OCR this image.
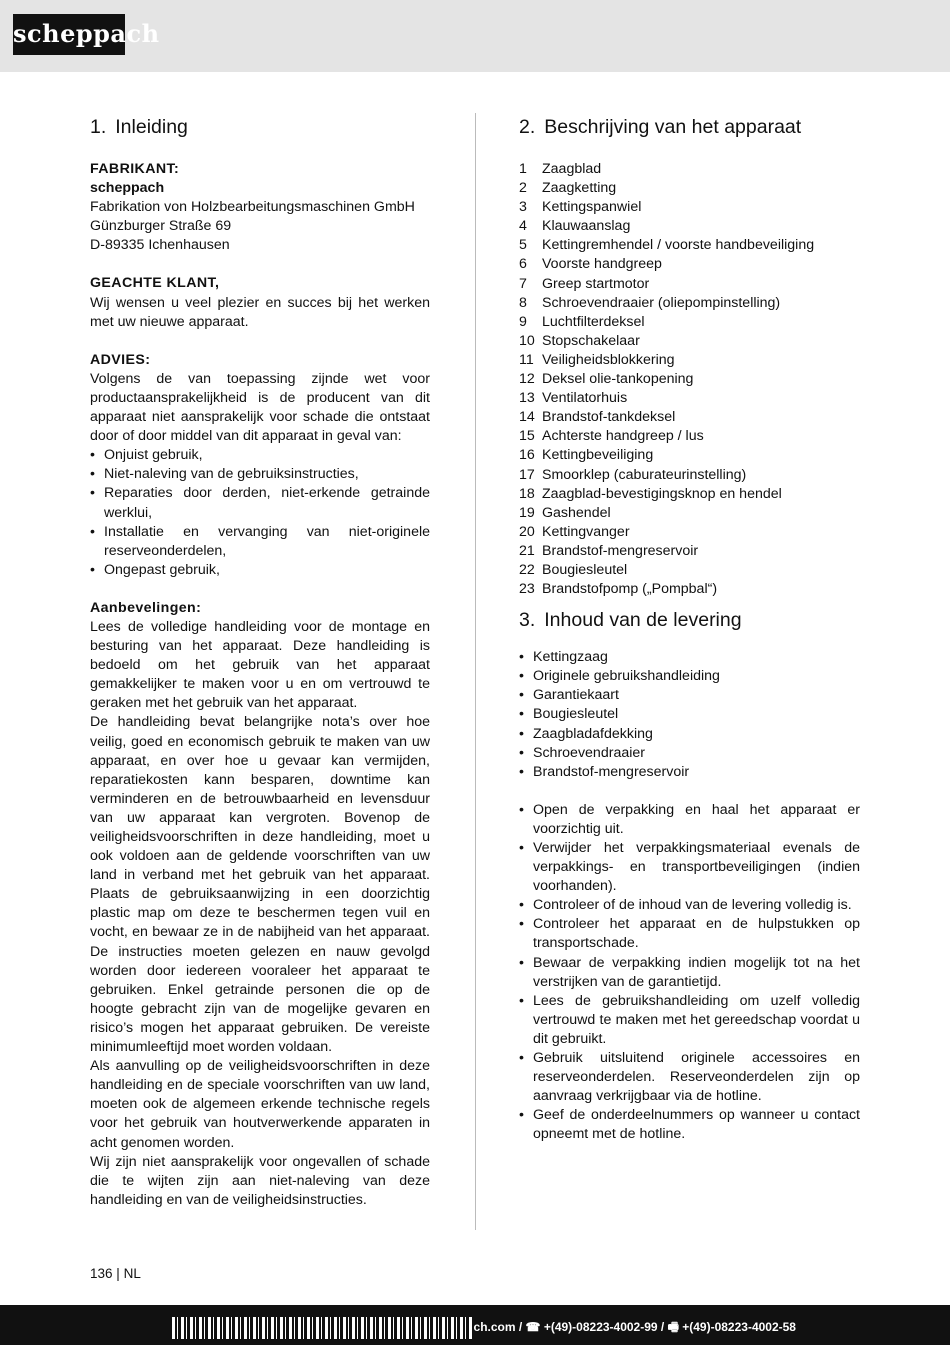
scheppach
1. Inleiding
FABRIKANT:
scheppach
Fabrikation von Holzbearbeitungsmaschinen GmbH
Günzburger Straße 69
D-89335 Ichenhausen
GEACHTE KLANT,

Wij wensen u veel plezier en succes bij het werken met uw nieuwe apparaat.

ADVIES:

Volgens de van toepassing zijnde wet voor productaansprakelijkheid is de producent van dit apparaat niet aansprakelijk voor schade die ontstaat door of door middel van dit apparaat in geval van:

• Onjuist gebruik,
• Niet-naleving van de gebruiksinstructies,
• Reparaties door derden, niet-erkende getrainde werklui,
• Installatie en vervanging van niet-originele reserveonderdelen,
• Ongepast gebruik,
Aanbevelingen:

Lees de volledige handleiding voor de montage en besturing van het apparaat. Deze handleiding is bedoeld om het gebruik van het apparaat gemakkelijker te maken voor u en om vertrouwd te geraken met het gebruik van het apparaat.

De handleiding bevat belangrijke nota’s over hoe veilig, goed en economisch gebruik te maken van uw apparaat, en over hoe u gevaar kan vermijden, reparatiekosten kann besparen, downtime kan verminderen en de betrouwbaarheid en levensduur van uw apparaat kan vergroten. Bovenop de veiligheidsvoorschriften in deze handleiding, moet u ook voldoen aan de geldende voorschriften van uw land in verband met het gebruik van het apparaat. Plaats de gebruiksaanwijzing in een doorzichtig plastic map om deze te beschermen tegen vuil en vocht, en bewaar ze in de nabijheid van het apparaat. De instructies moeten gelezen en nauw gevolgd worden door iedereen vooraleer het apparaat te gebruiken. Enkel getrainde personen die op de hoogte gebracht zijn van de mogelijke gevaren en risico’s mogen het apparaat gebruiken. De vereiste minimumleeftijd moet worden voldaan.

Als aanvulling op de veiligheidsvoorschriften in deze handleiding en de speciale voorschriften van uw land, moeten ook de algemeen erkende technische regels voor het gebruik van houtverwerkende apparaten in acht genomen worden.

Wij zijn niet aansprakelijk voor ongevallen of schade die te wijten zijn aan niet-naleving van deze handleiding en van de veiligheidsinstructies.

2. Beschrijving van het apparaat
1	Zaagblad
2	Zaagketting
3	Kettingspanwiel
4	Klauwaanslag
5	Kettingremhendel / voorste handbeveiliging
6	Voorste handgreep
7	Greep startmotor
8	Schroevendraaier (oliepompinstelling)
9	Luchtfilterdeksel
10 Stopschakelaar
11 Veiligheidsblokkering
12 Deksel olie-tankopening
13 Ventilatorhuis
14 Brandstof-tankdeksel
15 Achterste handgreep / lus
16 Kettingbeveiliging
17 Smoorklep (caburateurinstelling)
18 Zaagblad-bevestigingsknop en hendel
19 Gashendel
20 Kettingvanger
21 Brandstof-mengreservoir
22 Bougiesleutel
23 Brandstofpomp („Pompbal“)
3. Inhoud van de levering
• Kettingzaag
• Originele gebruikshandleiding
• Garantiekaart
• Bougiesleutel
• Zaagbladafdekking
• Schroevendraaier
• Brandstof-mengreservoir
• Open de verpakking en haal het apparaat er voorzichtig uit.
• Verwijder het verpakkingsmateriaal evenals de verpakkings- en transportbeveiligingen (indien voorhanden).
• Controleer of de inhoud van de levering volledig is.
• Controleer het apparaat en de hulpstukken op transportschade.
• Bewaar de verpakking indien mogelijk tot na het verstrijken van de garantietijd.
• Lees de gebruikshandleiding om uzelf volledig vertrouwd te maken met het gereedschap voordat u dit gebruikt.
• Gebruik uitsluitend originele accessoires en reserveonderdelen. Reserveonderdelen zijn op aanvraag verkrijgbaar via de hotline.
• Geef de onderdeelnummers op wanneer u contact opneemt met de hotline.
136 | NL
ch.com / ☎ +(49)-08223-4002-99 / 🖷 +(49)-08223-4002-58
